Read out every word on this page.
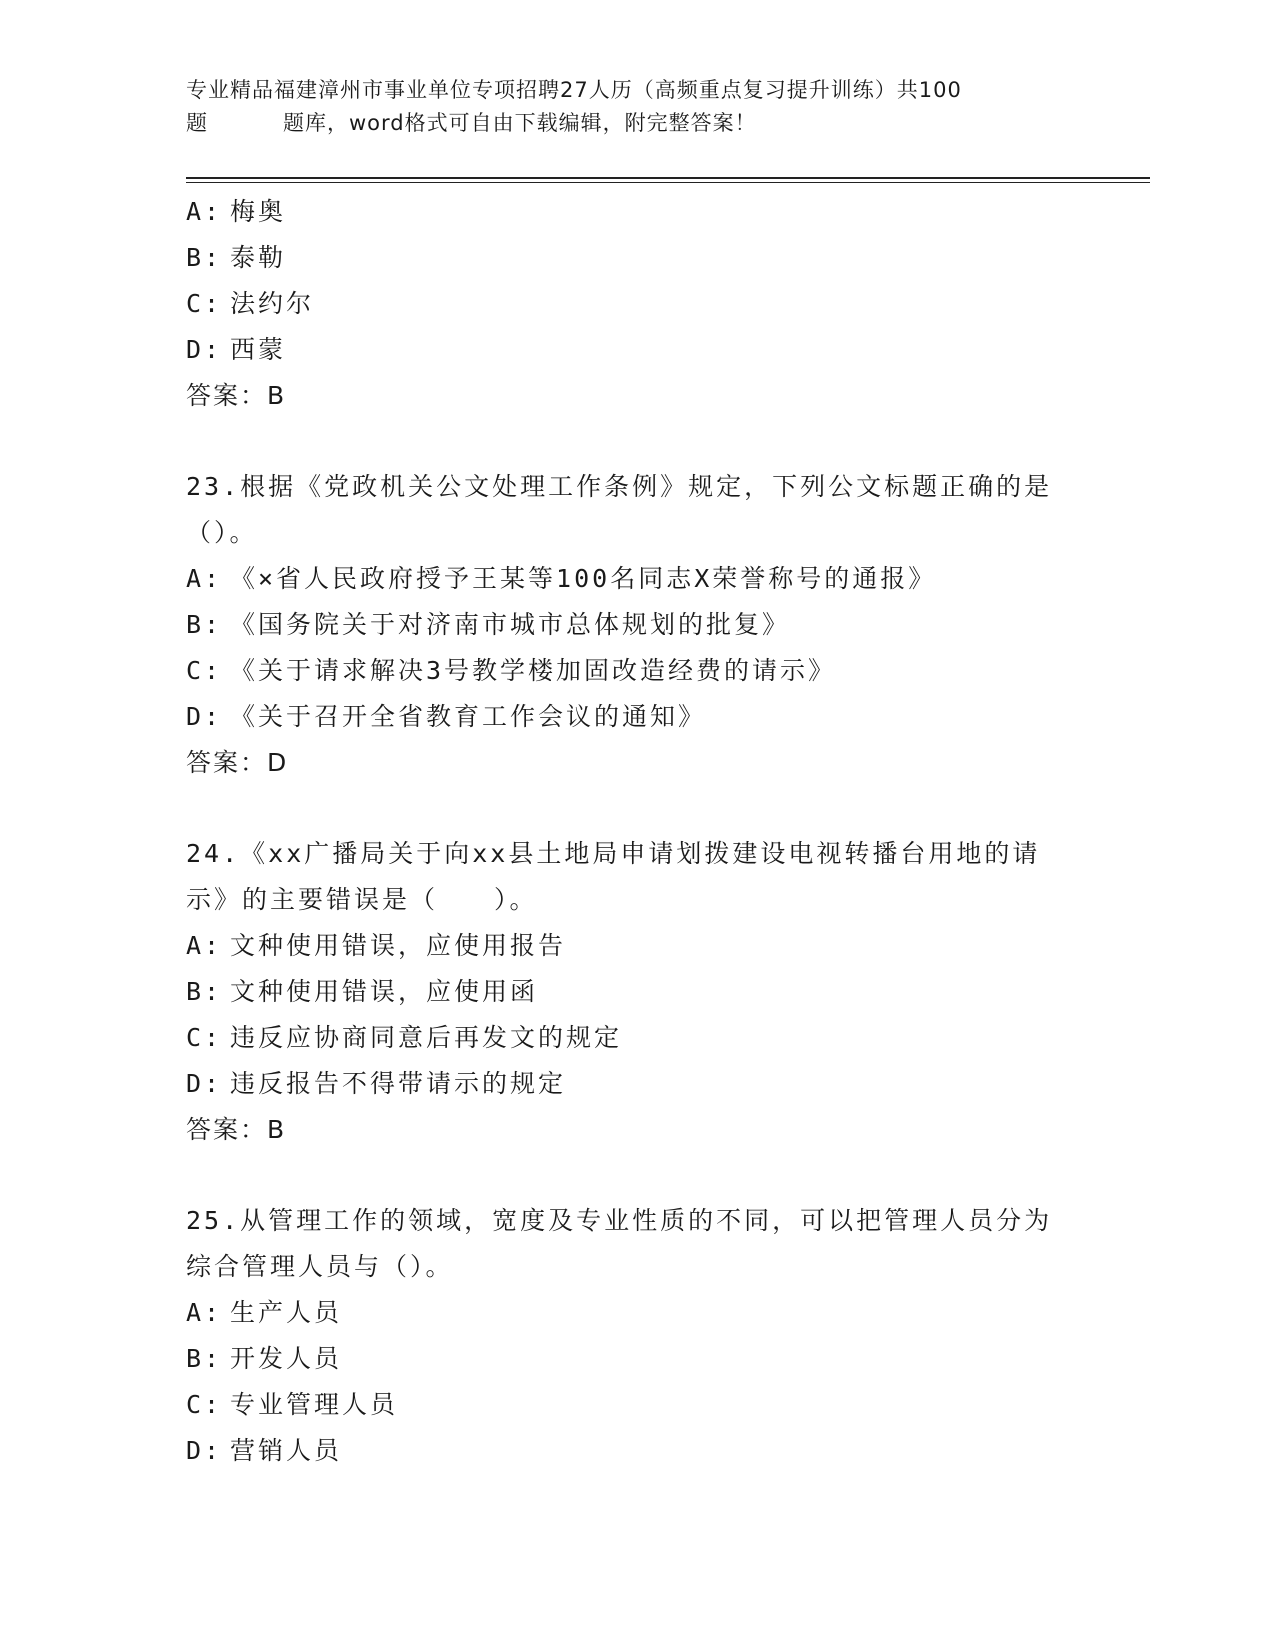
专业精品福建漳州市事业单位专项招聘27人历（高频重点复习提升训练）共100
题	题库，word格式可自由下载编辑，附完整答案！
A: 梅奥
B: 泰勒
C: 法约尔
D: 西蒙
答案：B
23.根据《党政机关公文处理工作条例》规定，下列公文标题正确的是
（）。
A: 《×省人民政府授予王某等100名同志X荣誉称号的通报》
B: 《国务院关于对济南市城市总体规划的批复》
C: 《关于请求解决3号教学楼加固改造经费的请示》
D: 《关于召开全省教育工作会议的通知》
答案：D
24.《xx广播局关于向xx县土地局申请划拨建设电视转播台用地的请
示》的主要错误是（　　）。
A: 文种使用错误，应使用报告
B: 文种使用错误，应使用函
C: 违反应协商同意后再发文的规定
D: 违反报告不得带请示的规定
答案：B
25.从管理工作的领域，宽度及专业性质的不同，可以把管理人员分为
综合管理人员与（）。
A: 生产人员
B: 开发人员
C: 专业管理人员
D: 营销人员
